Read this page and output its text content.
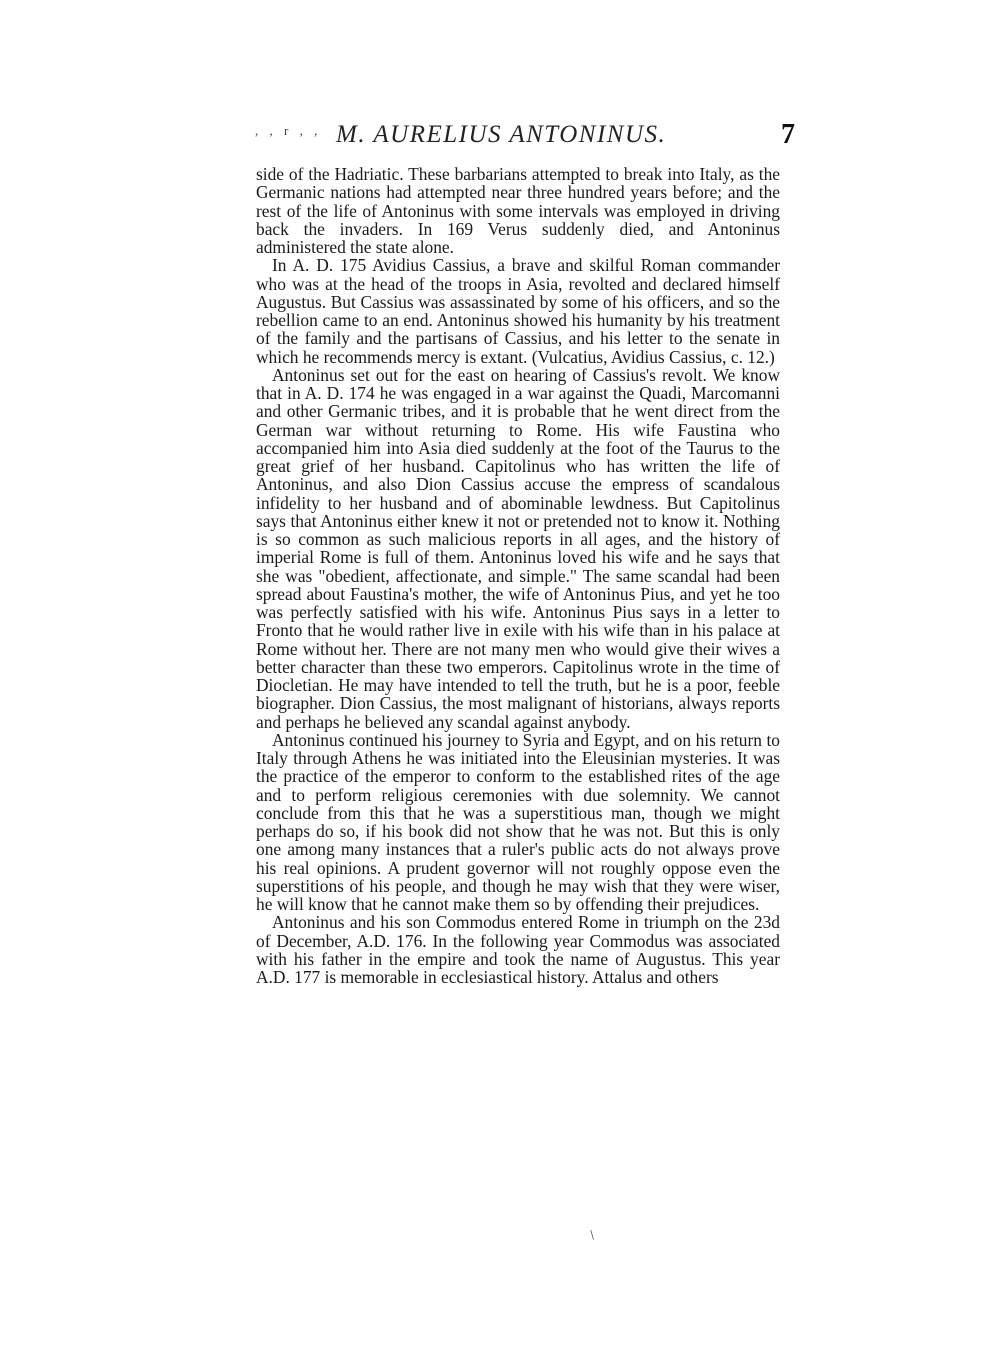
, , r , , M. AURELIUS ANTONINUS.	7

side of the Hadriatic. These barbarians attempted to break into Italy, as the Germanic nations had attempted near three hundred years before; and the rest of the life of Antoninus with some intervals was employed in driving back the invaders. In 169 Verus suddenly died, and Antoninus administered the state alone.

In A. D. 175 Avidius Cassius, a brave and skilful Roman commander who was at the head of the troops in Asia, revolted and declared himself Augustus. But Cassius was assassinated by some of his officers, and so the rebellion came to an end. Antoninus showed his humanity by his treatment of the family and the partisans of Cassius, and his letter to the senate in which he recommends mercy is extant. (Vulcatius, Avidius Cassius, c. 12.)

Antoninus set out for the east on hearing of Cassius's revolt. We know that in A. D. 174 he was engaged in a war against the Quadi, Marcomanni and other Germanic tribes, and it is probable that he went direct from the German war without returning to Rome. His wife Faustina who accompanied him into Asia died suddenly at the foot of the Taurus to the great grief of her husband. Capitolinus who has written the life of Antoninus, and also Dion Cassius accuse the empress of scandalous infidelity to her husband and of abominable lewdness. But Capitolinus says that Antoninus either knew it not or pretended not to know it. Nothing is so common as such malicious reports in all ages, and the history of imperial Rome is full of them. Antoninus loved his wife and he says that she was "obedient, affectionate, and simple." The same scandal had been spread about Faustina's mother, the wife of Antoninus Pius, and yet he too was perfectly satisfied with his wife. Antoninus Pius says in a letter to Fronto that he would rather live in exile with his wife than in his palace at Rome without her. There are not many men who would give their wives a better character than these two emperors. Capitolinus wrote in the time of Diocletian. He may have intended to tell the truth, but he is a poor, feeble biographer. Dion Cassius, the most malignant of historians, always reports and perhaps he believed any scandal against anybody.

Antoninus continued his journey to Syria and Egypt, and on his return to Italy through Athens he was initiated into the Eleusinian mysteries. It was the practice of the emperor to conform to the established rites of the age and to perform religious ceremonies with due solemnity. We cannot conclude from this that he was a superstitious man, though we might perhaps do so, if his book did not show that he was not. But this is only one among many instances that a ruler's public acts do not always prove his real opinions. A prudent governor will not roughly oppose even the superstitions of his people, and though he may wish that they were wiser, he will know that he cannot make them so by offending their prejudices.

Antoninus and his son Commodus entered Rome in triumph on the 23d of December, A.D. 176. In the following year Commodus was associated with his father in the empire and took the name of Augustus. This year A.D. 177 is memorable in ecclesiastical history. Attalus and others

/
